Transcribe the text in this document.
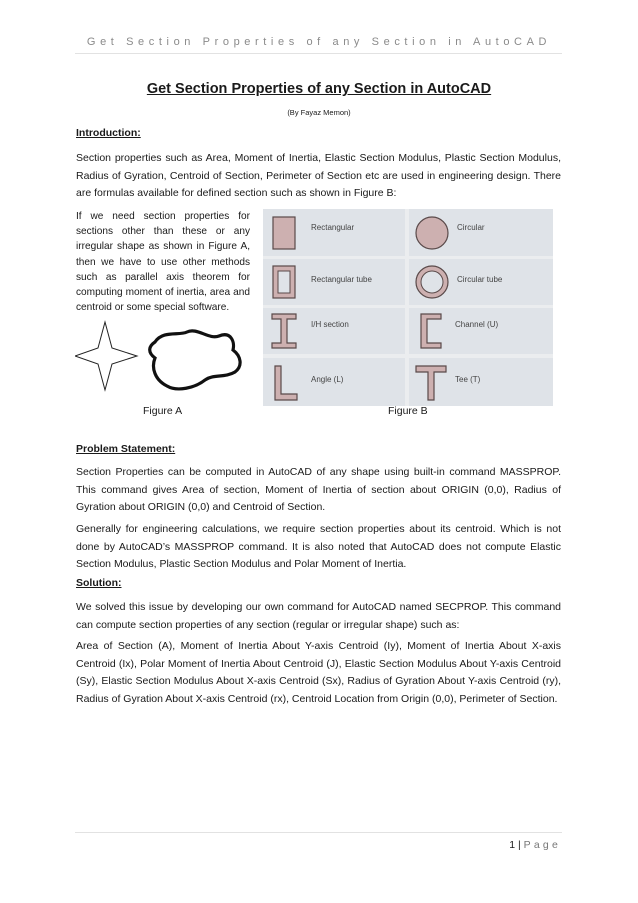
Get Section Properties of any Section in AutoCAD
Get Section Properties of any Section in AutoCAD
(By Fayaz Memon)
Introduction:
Section properties such as Area, Moment of Inertia, Elastic Section Modulus, Plastic Section Modulus, Radius of Gyration, Centroid of Section, Perimeter of Section etc are used in engineering design. There are formulas available for defined section such as shown in Figure B:
If we need section properties for sections other than these or any irregular shape as shown in Figure A, then we have to use other methods such as parallel axis theorem for computing moment of inertia, area and centroid or some special software.
Rectangular	Circular
Rectangular tube	Circular tube
I/H section	Channel (U)
Angle (L)	Tee (T)
Figure A	Figure B
Problem Statement:
Section Properties can be computed in AutoCAD of any shape using built-in command MASSPROP. This command gives Area of section, Moment of Inertia of section about ORIGIN (0,0), Radius of Gyration about ORIGIN (0,0) and Centroid of Section.
Generally for engineering calculations, we require section properties about its centroid. Which is not done by AutoCAD’s MASSPROP command. It is also noted that AutoCAD does not compute Elastic Section Modulus, Plastic Section Modulus and Polar Moment of Inertia.
Solution:
We solved this issue by developing our own command for AutoCAD named SECPROP. This command can compute section properties of any section (regular or irregular shape) such as:
Area of Section (A), Moment of Inertia About Y-axis Centroid (Iy), Moment of Inertia About X-axis Centroid (Ix), Polar Moment of Inertia About Centroid (J), Elastic Section Modulus About Y-axis Centroid (Sy), Elastic Section Modulus About X-axis Centroid (Sx), Radius of Gyration About Y-axis Centroid (ry), Radius of Gyration About X-axis Centroid (rx), Centroid Location from Origin (0,0), Perimeter of Section.
1 | Page
